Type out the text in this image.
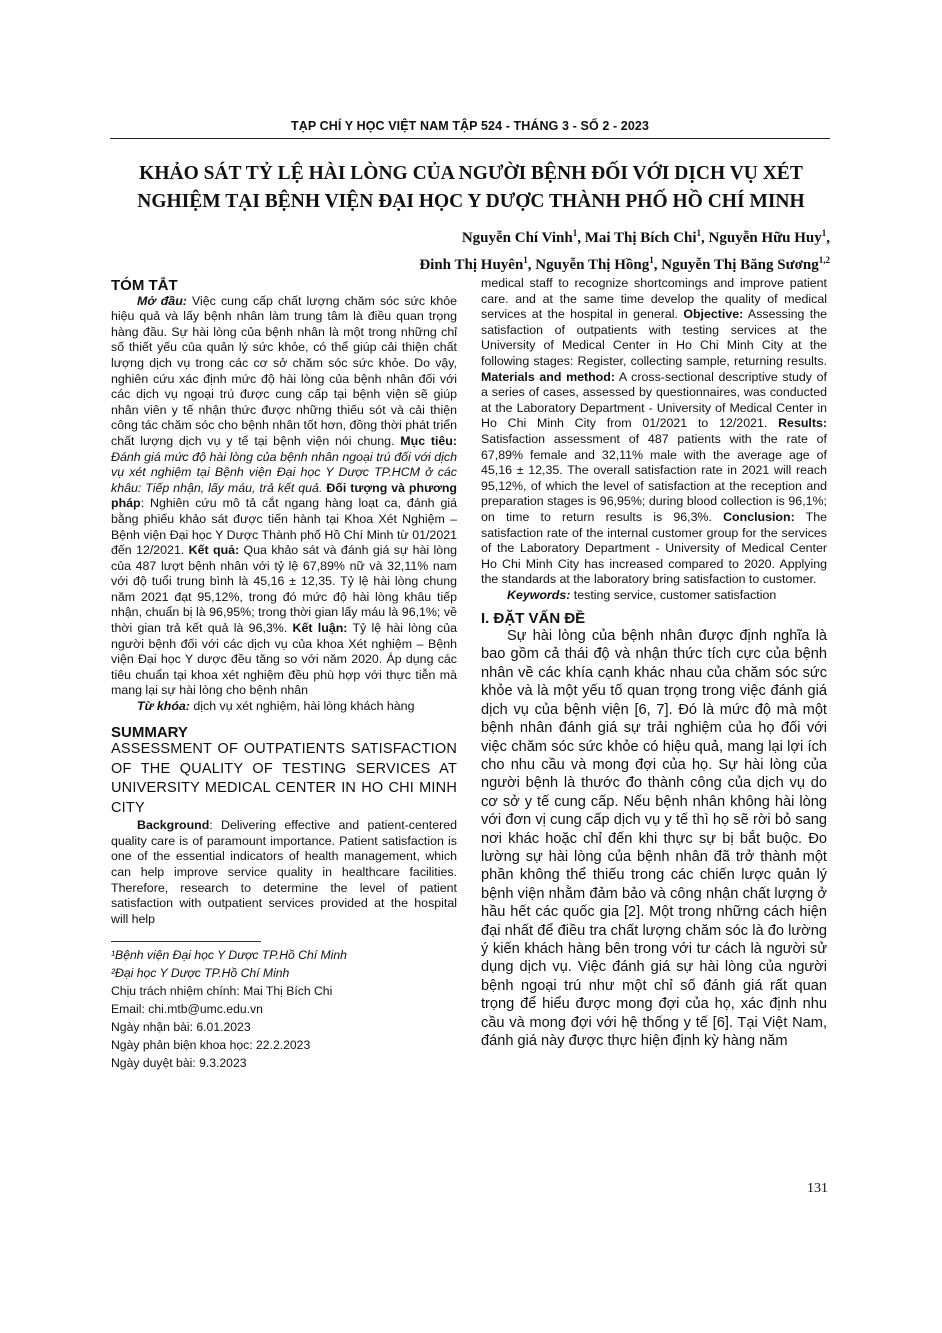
TẠP CHÍ Y HỌC VIỆT NAM TẬP 524 - THÁNG 3 - SỐ 2 - 2023
KHẢO SÁT TỶ LỆ HÀI LÒNG CỦA NGƯỜI BỆNH ĐỐI VỚI DỊCH VỤ XÉT NGHIỆM TẠI BỆNH VIỆN ĐẠI HỌC Y DƯỢC THÀNH PHỐ HỒ CHÍ MINH
Nguyễn Chí Vinh$^1$, Mai Thị Bích Chi$^1$, Nguyễn Hữu Huy$^1$,
Đinh Thị Huyên$^1$, Nguyễn Thị Hồng$^1$, Nguyễn Thị Băng Sương$^{1,2}$

TÓM TẮT

Mở đầu: Việc cung cấp chất lượng chăm sóc sức khỏe hiệu quả và lấy bệnh nhân làm trung tâm là điều quan trọng hàng đầu. Sự hài lòng của bệnh nhân là một trong những chỉ số thiết yếu của quản lý sức khỏe, có thể giúp cải thiện chất lượng dịch vụ trong các cơ sở chăm sóc sức khỏe. Do vậy, nghiên cứu xác định mức độ hài lòng của bệnh nhân đối với các dịch vụ ngoại trú được cung cấp tại bệnh viện sẽ giúp nhân viên y tế nhận thức được những thiếu sót và cải thiện công tác chăm sóc cho bệnh nhân tốt hơn, đồng thời phát triển chất lượng dịch vụ y tế tại bệnh viện nói chung. Mục tiêu: Đánh giá mức độ hài lòng của bệnh nhân ngoại trú đối với dịch vụ xét nghiệm tại Bệnh viện Đại học Y Dược TP.HCM ở các khâu: Tiếp nhận, lấy máu, trả kết quả. Đối tượng và phương pháp: Nghiên cứu mô tả cắt ngang hàng loạt ca, đánh giá bằng phiếu khảo sát được tiến hành tại Khoa Xét Nghiệm – Bệnh viện Đại học Y Dược Thành phố Hồ Chí Minh từ 01/2021 đến 12/2021. Kết quả: Qua khảo sát và đánh giá sự hài lòng của 487 lượt bệnh nhân với tỷ lệ 67,89% nữ và 32,11% nam với độ tuổi trung bình là 45,16 ± 12,35. Tỷ lệ hài lòng chung năm 2021 đạt 95,12%, trong đó mức độ hài lòng khâu tiếp nhận, chuẩn bị là 96,95%; trong thời gian lấy máu là 96,1%; về thời gian trả kết quả là 96,3%. Kết luận: Tỷ lệ hài lòng của người bệnh đối với các dịch vụ của khoa Xét nghiệm – Bệnh viện Đại học Y dược đều tăng so với năm 2020. Áp dụng các tiêu chuẩn tại khoa xét nghiệm đều phù hợp với thực tiễn mà mang lại sự hài lòng cho bệnh nhân

Từ khóa: dịch vụ xét nghiệm, hài lòng khách hàng

SUMMARY

ASSESSMENT OF OUTPATIENTS SATISFACTION OF THE QUALITY OF TESTING SERVICES AT UNIVERSITY MEDICAL CENTER IN HO CHI MINH CITY

Background: Delivering effective and patient-centered quality care is of paramount importance. Patient satisfaction is one of the essential indicators of health management, which can help improve service quality in healthcare facilities. Therefore, research to determine the level of patient satisfaction with outpatient services provided at the hospital will help

¹Bệnh viện Đại học Y Dược TP.Hồ Chí Minh

²Đại học Y Dược TP.Hồ Chí Minh

Chịu trách nhiệm chính: Mai Thị Bích Chi

Email: chi.mtb@umc.edu.vn

Ngày nhận bài: 6.01.2023

Ngày phản biện khoa học: 22.2.2023

Ngày duyệt bài: 9.3.2023

medical staff to recognize shortcomings and improve patient care. and at the same time develop the quality of medical services at the hospital in general. Objective: Assessing the satisfaction of outpatients with testing services at the University of Medical Center in Ho Chi Minh City at the following stages: Register, collecting sample, returning results. Materials and method: A cross-sectional descriptive study of a series of cases, assessed by questionnaires, was conducted at the Laboratory Department - University of Medical Center in Ho Chi Minh City from 01/2021 to 12/2021. Results: Satisfaction assessment of 487 patients with the rate of 67,89% female and 32,11% male with the average age of 45,16 ± 12,35. The overall satisfaction rate in 2021 will reach 95,12%, of which the level of satisfaction at the reception and preparation stages is 96,95%; during blood collection is 96,1%; on time to return results is 96,3%. Conclusion: The satisfaction rate of the internal customer group for the services of the Laboratory Department - University of Medical Center Ho Chi Minh City has increased compared to 2020. Applying the standards at the laboratory bring satisfaction to customer.

Keywords: testing service, customer satisfaction

I. ĐẶT VẤN ĐỀ

Sự hài lòng của bệnh nhân được định nghĩa là bao gồm cả thái độ và nhận thức tích cực của bệnh nhân về các khía cạnh khác nhau của chăm sóc sức khỏe và là một yếu tố quan trọng trong việc đánh giá dịch vụ của bệnh viện [6, 7]. Đó là mức độ mà một bệnh nhân đánh giá sự trải nghiệm của họ đối với việc chăm sóc sức khỏe có hiệu quả, mang lại lợi ích cho nhu cầu và mong đợi của họ. Sự hài lòng của người bệnh là thước đo thành công của dịch vụ do cơ sở y tế cung cấp. Nếu bệnh nhân không hài lòng với đơn vị cung cấp dịch vụ y tế thì họ sẽ rời bỏ sang nơi khác hoặc chỉ đến khi thực sự bị bắt buộc. Đo lường sự hài lòng của bệnh nhân đã trở thành một phần không thể thiếu trong các chiến lược quản lý bệnh viện nhằm đảm bảo và công nhận chất lượng ở hầu hết các quốc gia [2]. Một trong những cách hiện đại nhất để điều tra chất lượng chăm sóc là đo lường ý kiến khách hàng bên trong với tư cách là người sử dụng dịch vụ. Việc đánh giá sự hài lòng của người bệnh ngoại trú như một chỉ số đánh giá rất quan trọng để hiểu được mong đợi của họ, xác định nhu cầu và mong đợi với hệ thống y tế [6]. Tại Việt Nam, đánh giá này được thực hiện định kỳ hàng năm

131
